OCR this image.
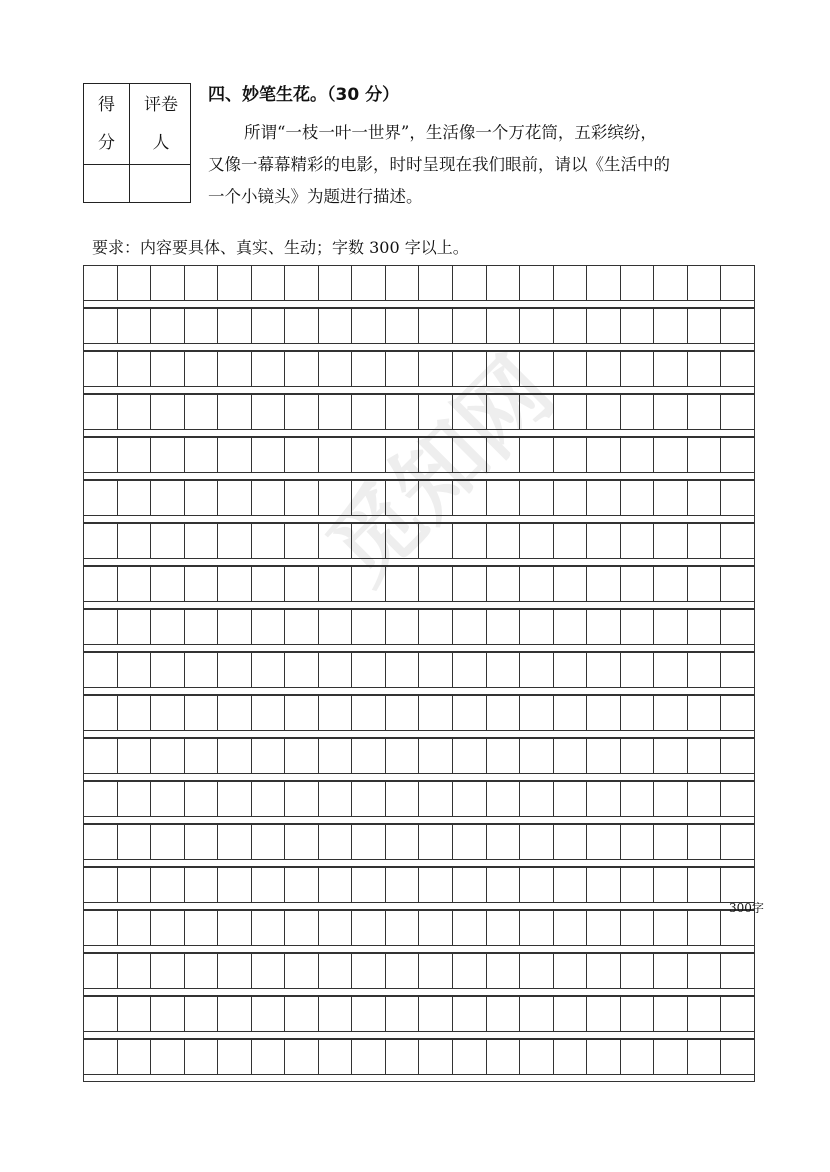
觅知网
得
分
评卷
人
四、妙笔生花。（30 分）
所谓“一枝一叶一世界”，生活像一个万花筒，五彩缤纷，
又像一幕幕精彩的电影，时时呈现在我们眼前，请以《生活中的
一个小镜头》为题进行描述。
要求：内容要具体、真实、生动；字数 300 字以上。
300字
